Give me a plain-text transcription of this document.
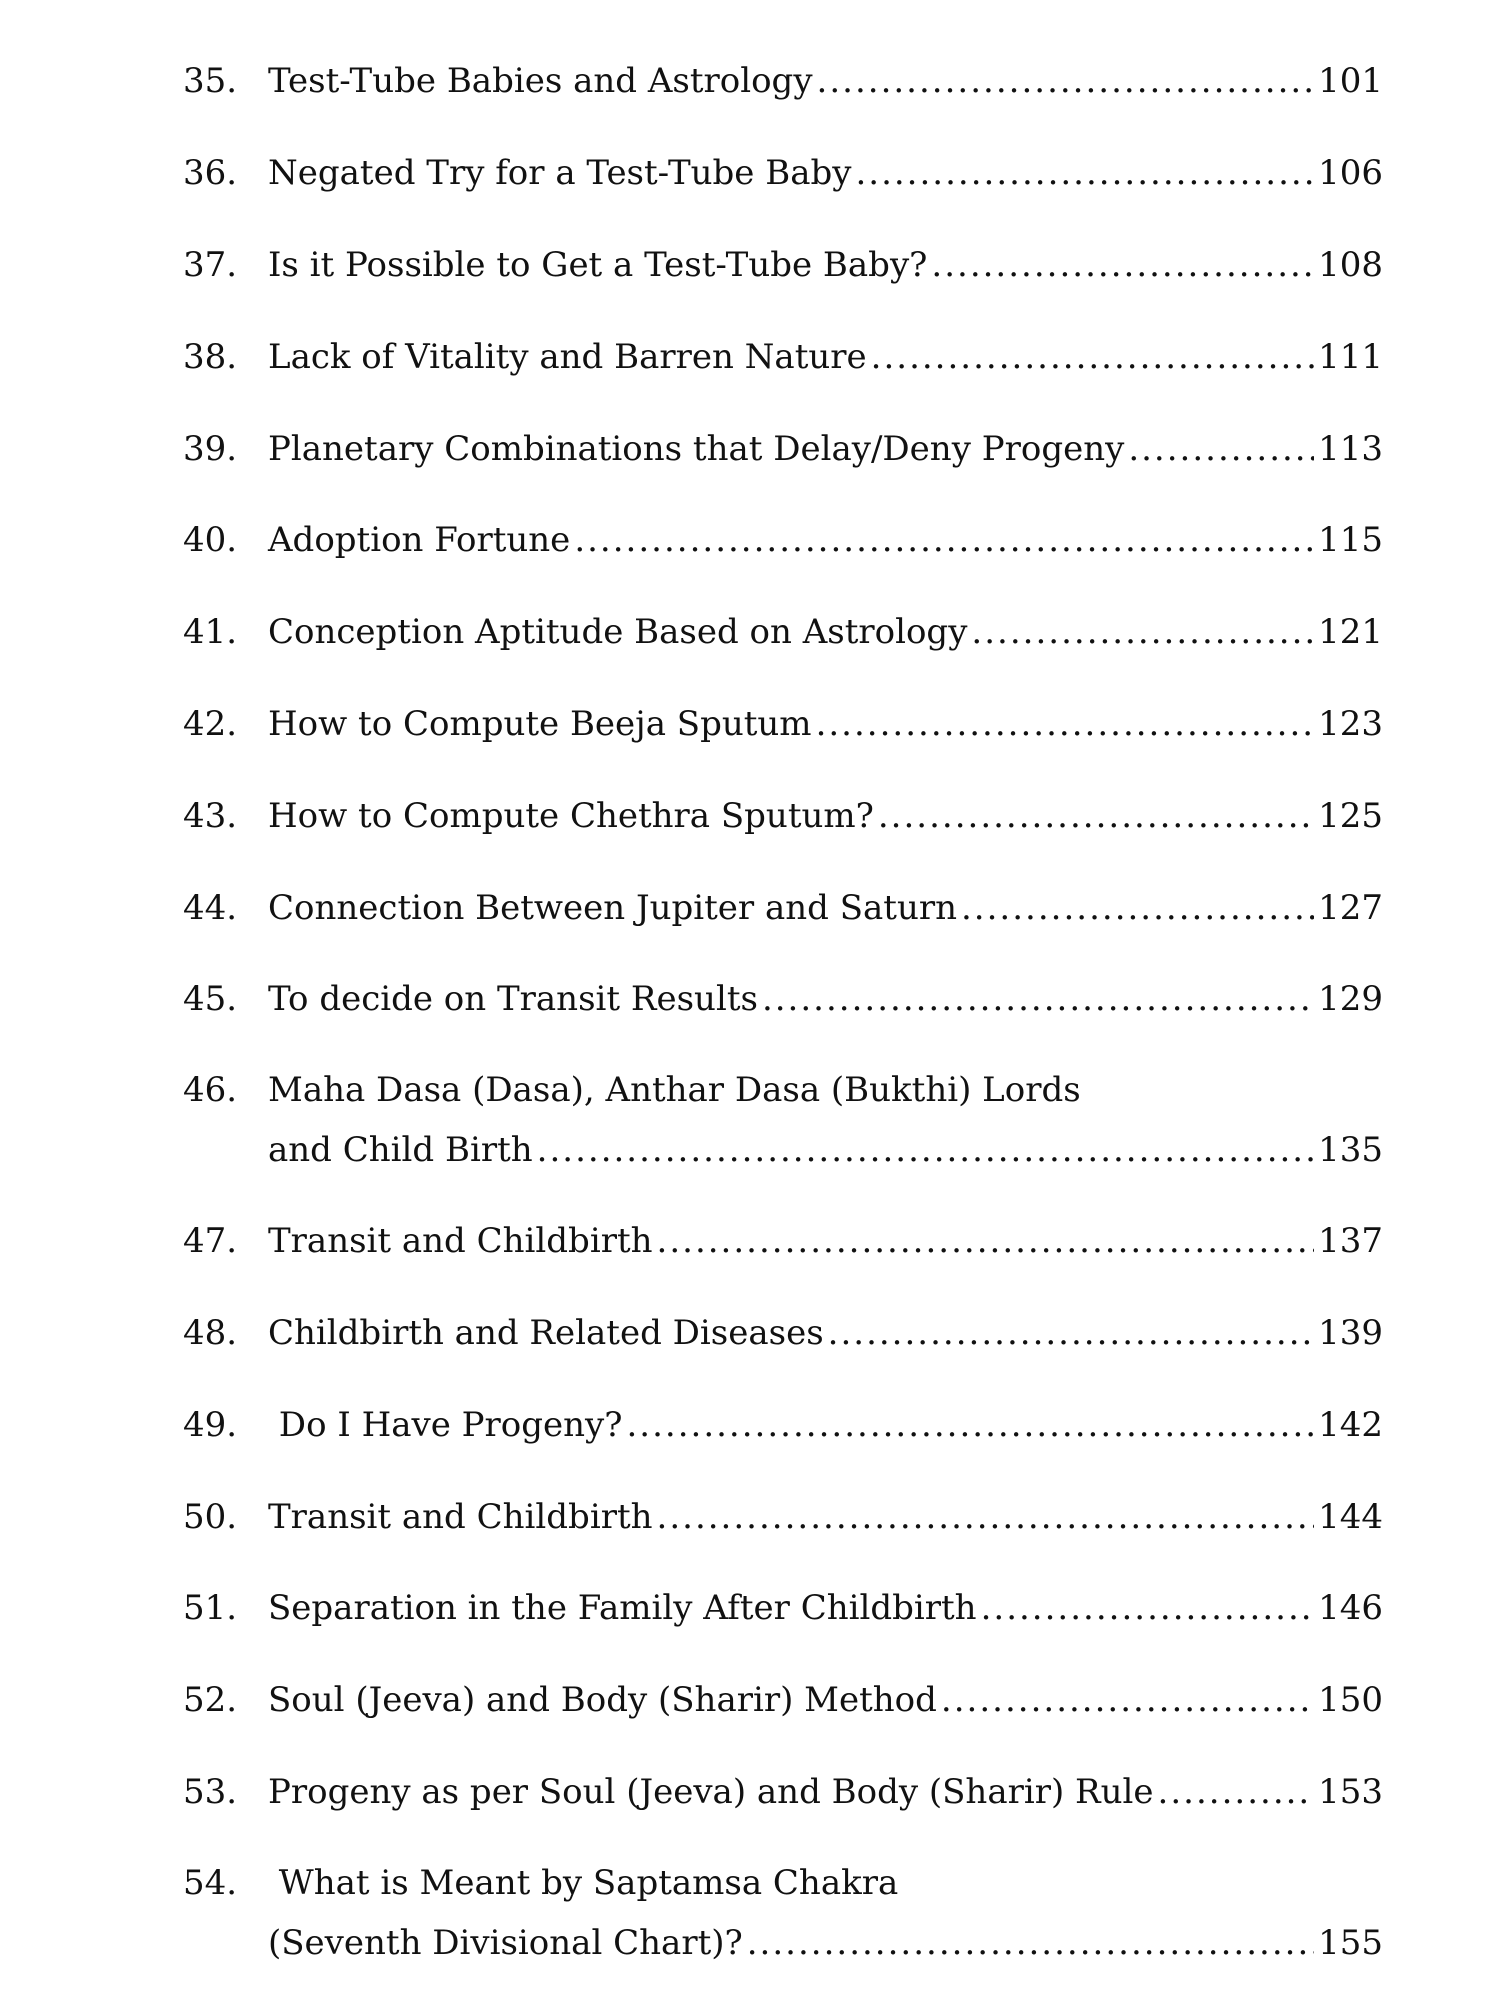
35. Test-Tube Babies and Astrology .....	101
36. Negated Try for a Test-Tube Baby .....	106
37. Is it Possible to Get a Test-Tube Baby? .....	108
38. Lack of Vitality and Barren Nature .....	111
39. Planetary Combinations that Delay/Deny Progeny .....	113
40. Adoption Fortune .....	115
41. Conception Aptitude Based on Astrology .....	121
42. How to Compute Beeja Sputum .....	123
43. How to Compute Chethra Sputum? .....	125
44. Connection Between Jupiter and Saturn .....	127
45. To decide on Transit Results .....	129
46. Maha Dasa (Dasa), Anthar Dasa (Bukthi) Lords
and Child Birth .....	135
47. Transit and Childbirth .....	137
48. Childbirth and Related Diseases .....	139
49. Do I Have Progeny? .....	142
50. Transit and Childbirth .....	144
51. Separation in the Family After Childbirth .....	146
52. Soul (Jeeva) and Body (Sharir) Method .....	150
53. Progeny as per Soul (Jeeva) and Body (Sharir) Rule .....	153
54. What is Meant by Saptamsa Chakra
(Seventh Divisional Chart)? .....	155
